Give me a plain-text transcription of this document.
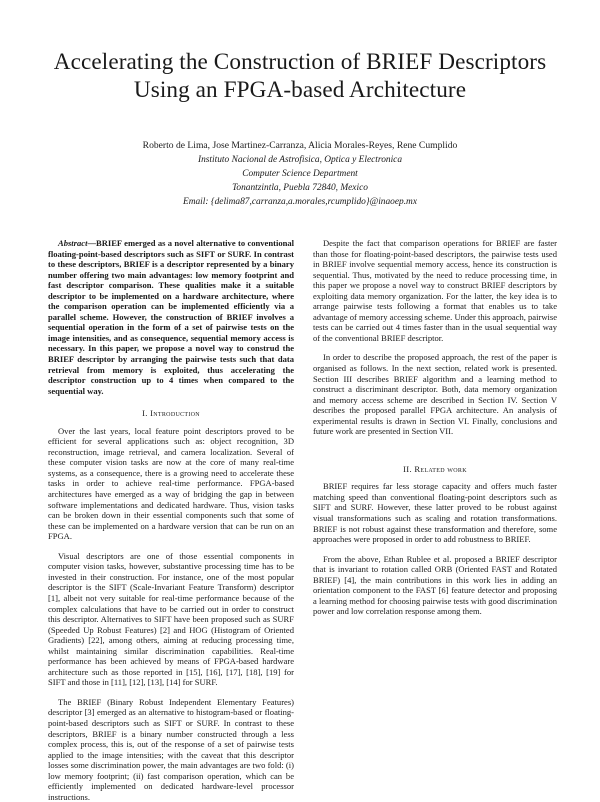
Accelerating the Construction of BRIEF Descriptors
Using an FPGA-based Architecture
Roberto de Lima, Jose Martinez-Carranza, Alicia Morales-Reyes, Rene Cumplido
Instituto Nacional de Astrofisica, Optica y Electronica
Computer Science Department
Tonantzintla, Puebla 72840, Mexico
Email: {delima87,carranza,a.morales,rcumplido}@inaoep.mx

Abstract—BRIEF emerged as a novel alternative to conventional floating-point-based descriptors such as SIFT or SURF. In contrast to these descriptors, BRIEF is a descriptor represented by a binary number offering two main advantages: low memory footprint and fast descriptor comparison. These qualities make it a suitable descriptor to be implemented on a hardware architecture, where the comparison operation can be implemented efficiently via a parallel scheme. However, the construction of BRIEF involves a sequential operation in the form of a set of pairwise tests on the image intensities, and as consequence, sequential memory access is necessary. In this paper, we propose a novel way to construd the BRIEF descriptor by arranging the pairwise tests such that data retrieval from memory is exploited, thus accelerating the descriptor construction up to 4 times when compared to the sequential way.

I. Introduction

Over the last years, local feature point descriptors proved to be efficient for several applications such as: object recognition, 3D reconstruction, image retrieval, and camera localization. Several of these computer vision tasks are now at the core of many real-time systems, as a consequence, there is a growing need to accelerate these tasks in order to achieve real-time performance. FPGA-based architectures have emerged as a way of bridging the gap in between software implementations and dedicated hardware. Thus, vision tasks can be broken down in their essential components such that some of these can be implemented on a hardware version that can be run on an FPGA.

Visual descriptors are one of those essential components in computer vision tasks, however, substantive processing time has to be invested in their construction. For instance, one of the most popular descriptor is the SIFT (Scale-Invariant Feature Transform) descriptor [1], albeit not very suitable for real-time performance because of the complex calculations that have to be carried out in order to construct this descriptor. Alternatives to SIFT have been proposed such as SURF (Speeded Up Robust Features) [2] and HOG (Histogram of Oriented Gradients) [22], among others, aiming at reducing processing time, whilst maintaining similar discrimination capabilities. Real-time performance has been achieved by means of FPGA-based hardware architecture such as those reported in [15], [16], [17], [18], [19] for SIFT and those in [11], [12], [13], [14] for SURF.

The BRIEF (Binary Robust Independent Elementary Features) descriptor [3] emerged as an alternative to histogram-based or floating-point-based descriptors such as SIFT or SURF. In contrast to these descriptors, BRIEF is a binary number constructed through a less complex process, this is, out of the response of a set of pairwise tests applied to the image intensities; with the caveat that this descriptor losses some discrimination power, the main advantages are two fold: (i) low memory footprint; (ii) fast comparison operation, which can be efficiently implemented on dedicated hardware-level processor instructions.

Despite the fact that comparison operations for BRIEF are faster than those for floating-point-based descriptors, the pairwise tests used in BRIEF involve sequential memory access, hence its construction is sequential. Thus, motivated by the need to reduce processing time, in this paper we propose a novel way to construct BRIEF descriptors by exploiting data memory organization. For the latter, the key idea is to arrange pairwise tests following a format that enables us to take advantage of memory accessing scheme. Under this approach, pairwise tests can be carried out 4 times faster than in the usual sequential way of the conventional BRIEF descriptor.

In order to describe the proposed approach, the rest of the paper is organised as follows. In the next section, related work is presented. Section III describes BRIEF algorithm and a learning method to construct a discriminant descriptor. Both, data memory organization and memory access scheme are described in Section IV. Section V describes the proposed parallel FPGA architecture. An analysis of experimental results is drawn in Section VI. Finally, conclusions and future work are presented in Section VII.

II. Related work

BRIEF requires far less storage capacity and offers much faster matching speed than conventional floating-point descriptors such as SIFT and SURF. However, these latter proved to be robust against visual transformations such as scaling and rotation transformations. BRIEF is not robust against these transformation and therefore, some approaches were proposed in order to add robustness to BRIEF.

From the above, Ethan Rublee et al. proposed a BRIEF descriptor that is invariant to rotation called ORB (Oriented FAST and Rotated BRIEF) [4], the main contributions in this work lies in adding an orientation component to the FAST [6] feature detector and proposing a learning method for choosing pairwise tests with good discrimination power and low correlation response among them.
